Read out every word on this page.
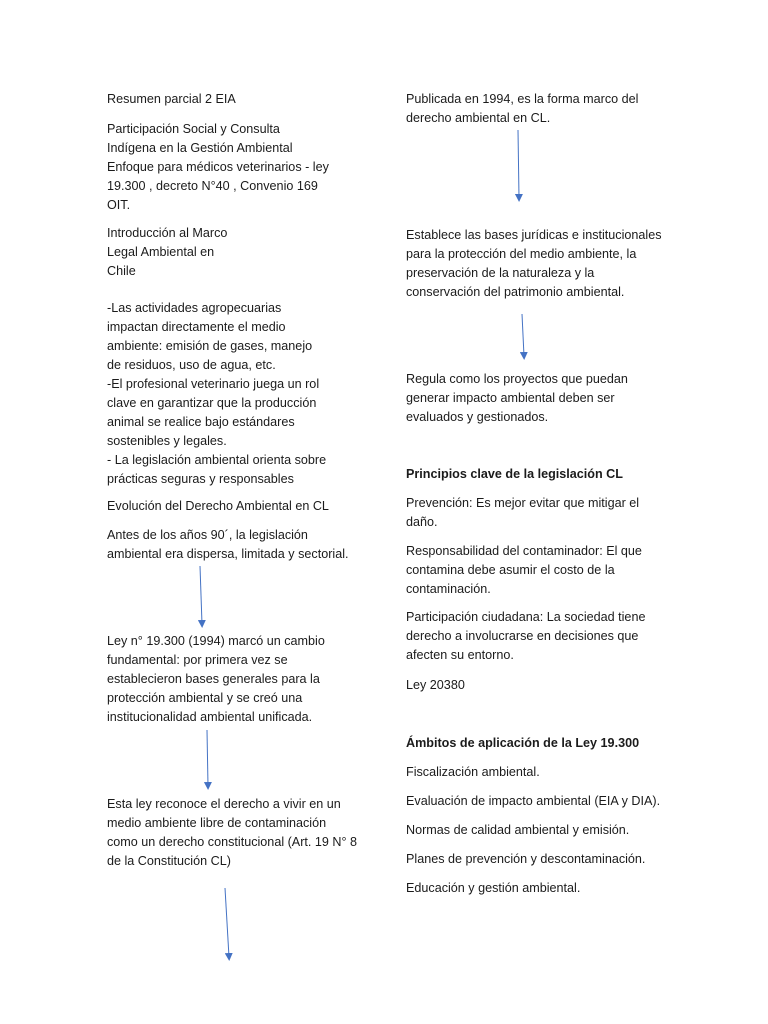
Resumen parcial 2 EIA

Participación Social y Consulta
Indígena en la Gestión Ambiental
Enfoque para médicos veterinarios - ley
19.300 , decreto N°40 , Convenio 169
OIT.

Introducción al Marco
Legal Ambiental en
Chile

-Las actividades agropecuarias
impactan directamente el medio
ambiente: emisión de gases, manejo
de residuos, uso de agua, etc.
-El profesional veterinario juega un rol
clave en garantizar que la producción
animal se realice bajo estándares
sostenibles y legales.
- La legislación ambiental orienta sobre
prácticas seguras y responsables

Evolución del Derecho Ambiental en CL

Antes de los años 90´, la legislación
ambiental era dispersa, limitada y sectorial.

Ley n° 19.300 (1994) marcó un cambio
fundamental: por primera vez se
establecieron bases generales para la
protección ambiental y se creó una
institucionalidad ambiental unificada.

Esta ley reconoce el derecho a vivir en un
medio ambiente libre de contaminación
como un derecho constitucional (Art. 19 N° 8
de la Constitución CL)

Publicada en 1994, es la forma marco del
derecho ambiental en CL.

Establece las bases jurídicas e institucionales
para la protección del medio ambiente, la
preservación de la naturaleza y la
conservación del patrimonio ambiental.

Regula como los proyectos que puedan
generar impacto ambiental deben ser
evaluados y gestionados.

Principios clave de la legislación CL

Prevención: Es mejor evitar que mitigar el
daño.

Responsabilidad del contaminador: El que
contamina debe asumir el costo de la
contaminación.

Participación ciudadana: La sociedad tiene
derecho a involucrarse en decisiones que
afecten su entorno.

Ley 20380

Ámbitos de aplicación de la Ley 19.300

Fiscalización ambiental.

Evaluación de impacto ambiental (EIA y DIA).

Normas de calidad ambiental y emisión.

Planes de prevención y descontaminación.

Educación y gestión ambiental.
